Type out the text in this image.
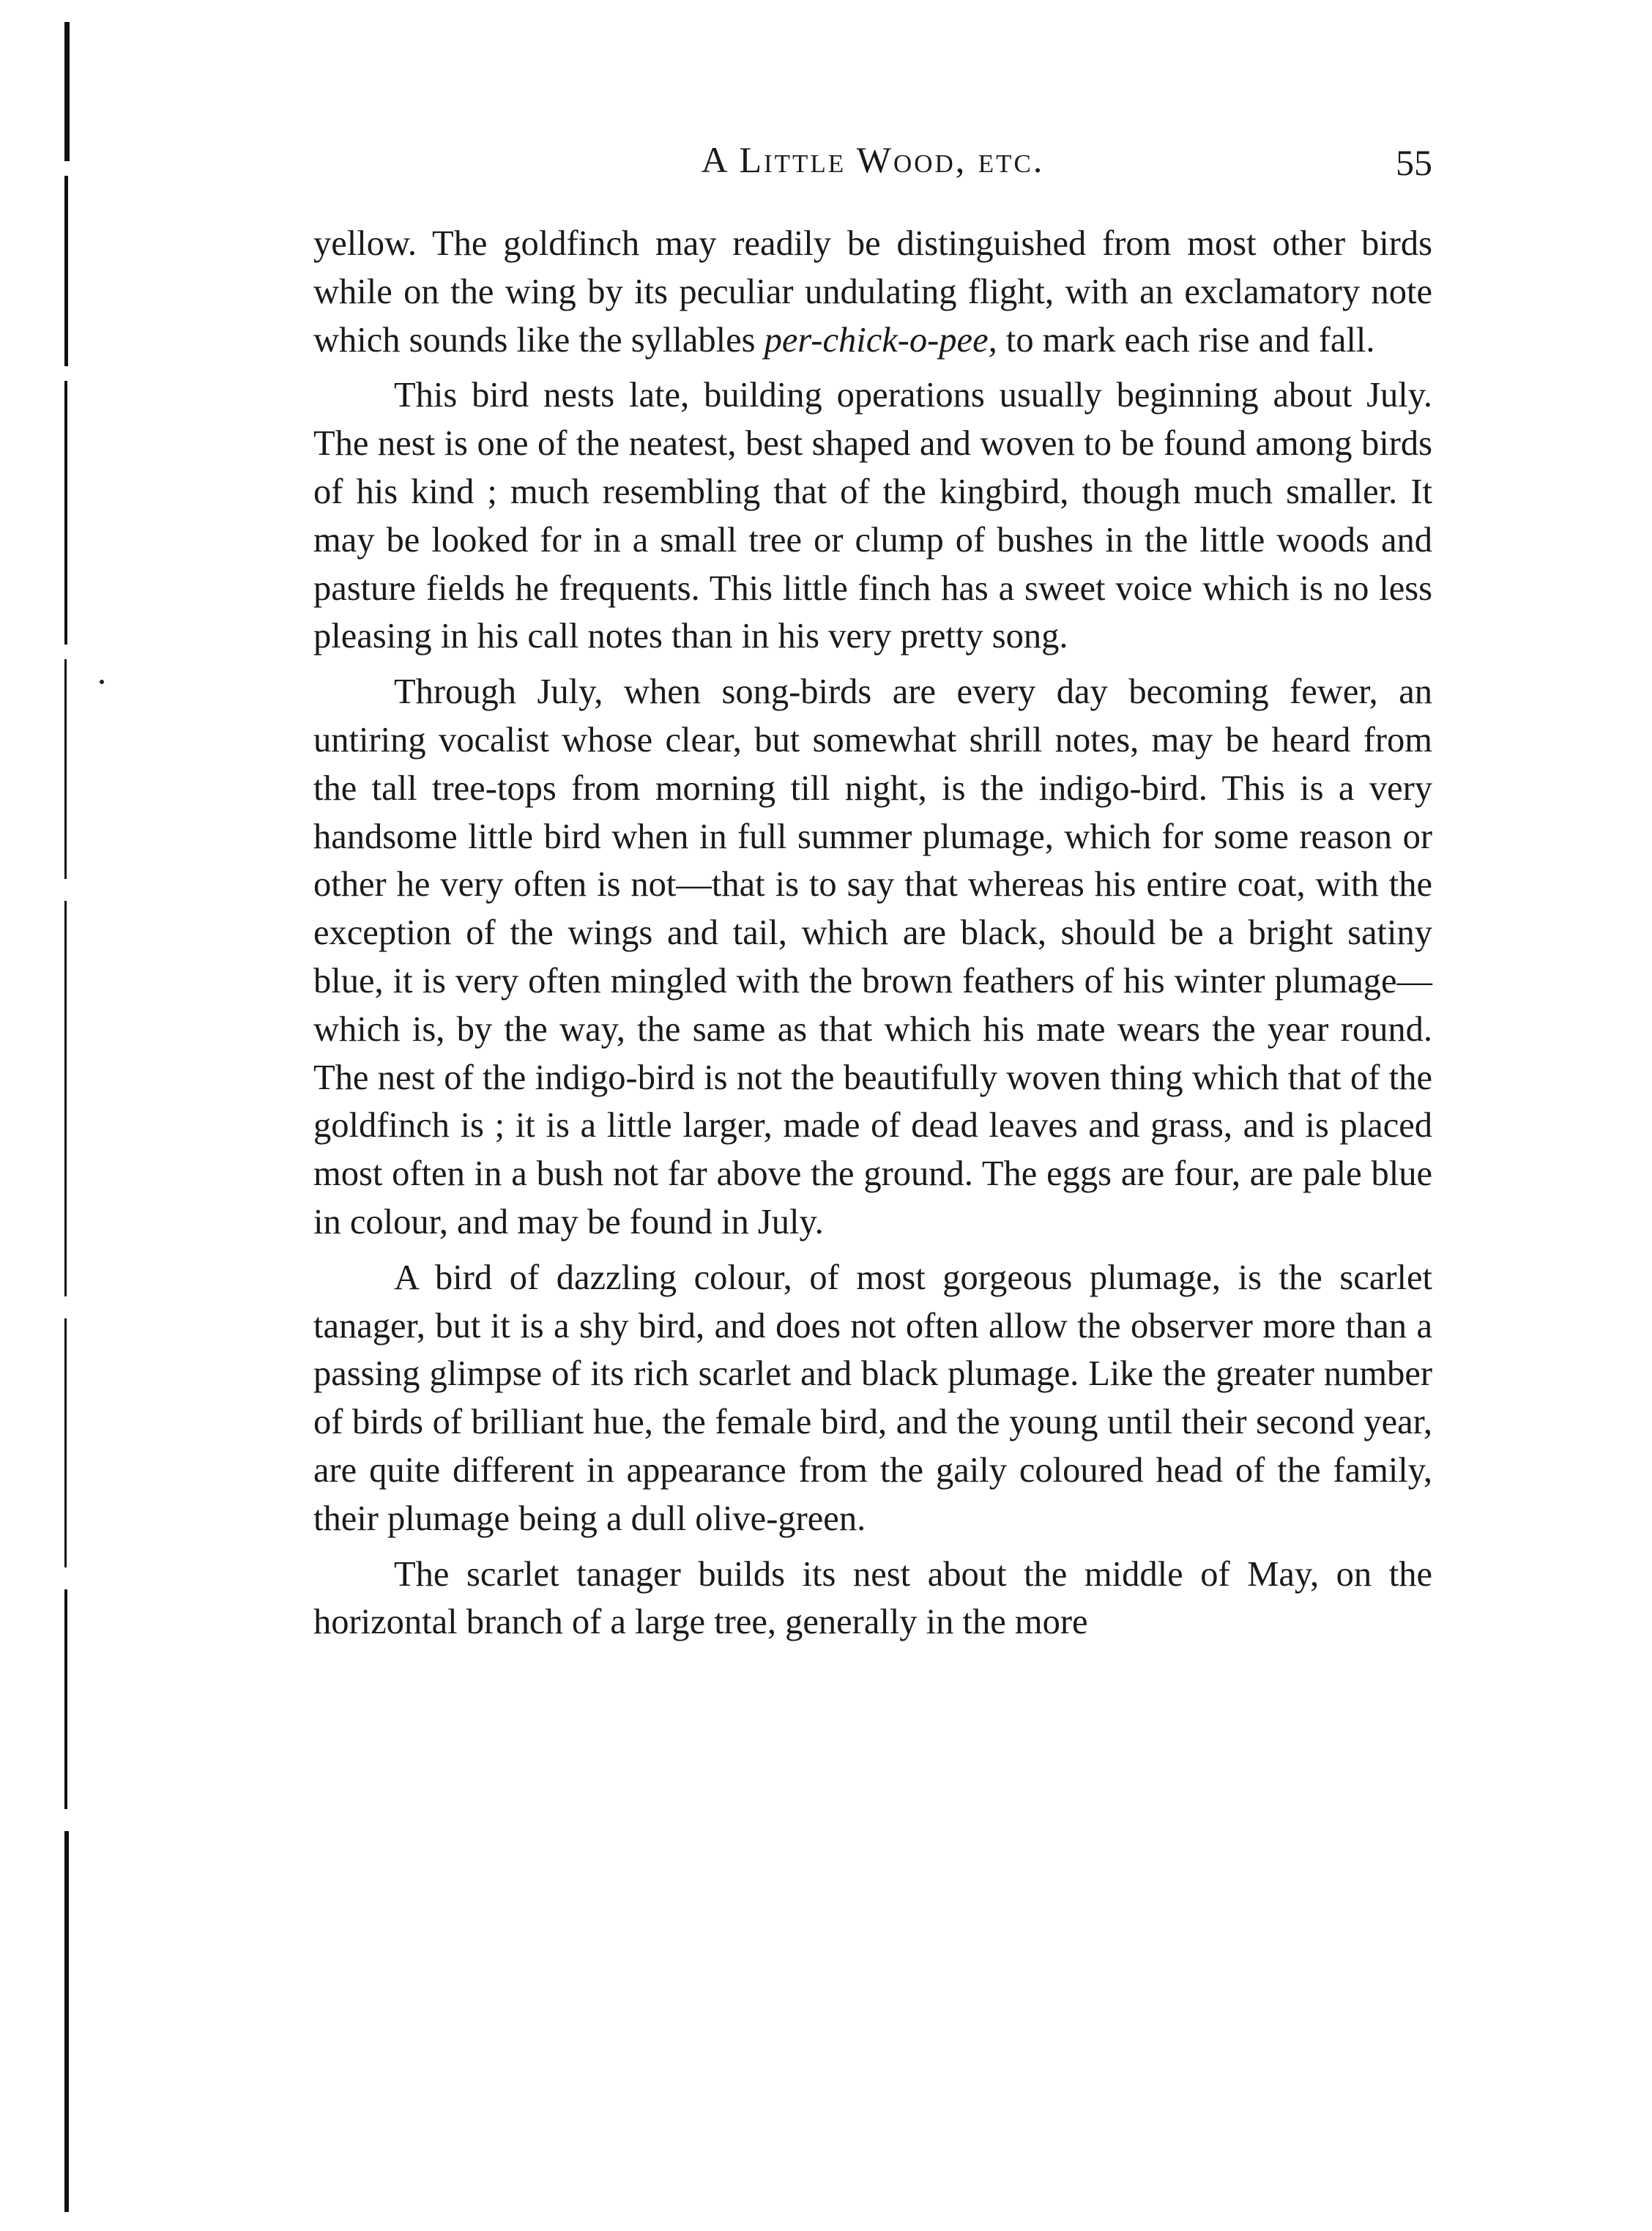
A Little Wood, etc.	55

yellow. The goldfinch may readily be distinguished from most other birds while on the wing by its peculiar undulating flight, with an exclamatory note which sounds like the syllables per-chick-o-pee, to mark each rise and fall.

This bird nests late, building operations usually beginning about July. The nest is one of the neatest, best shaped and woven to be found among birds of his kind ; much resembling that of the kingbird, though much smaller. It may be looked for in a small tree or clump of bushes in the little woods and pasture fields he frequents. This little finch has a sweet voice which is no less pleasing in his call notes than in his very pretty song.

Through July, when song-birds are every day becoming fewer, an untiring vocalist whose clear, but somewhat shrill notes, may be heard from the tall tree-tops from morning till night, is the indigo-bird. This is a very handsome little bird when in full summer plumage, which for some reason or other he very often is not—that is to say that whereas his entire coat, with the exception of the wings and tail, which are black, should be a bright satiny blue, it is very often mingled with the brown feathers of his winter plumage—which is, by the way, the same as that which his mate wears the year round. The nest of the indigo-bird is not the beautifully woven thing which that of the goldfinch is ; it is a little larger, made of dead leaves and grass, and is placed most often in a bush not far above the ground. The eggs are four, are pale blue in colour, and may be found in July.

A bird of dazzling colour, of most gorgeous plumage, is the scarlet tanager, but it is a shy bird, and does not often allow the observer more than a passing glimpse of its rich scarlet and black plumage. Like the greater number of birds of brilliant hue, the female bird, and the young until their second year, are quite different in appearance from the gaily coloured head of the family, their plumage being a dull olive-green.

The scarlet tanager builds its nest about the middle of May, on the horizontal branch of a large tree, generally in the more
